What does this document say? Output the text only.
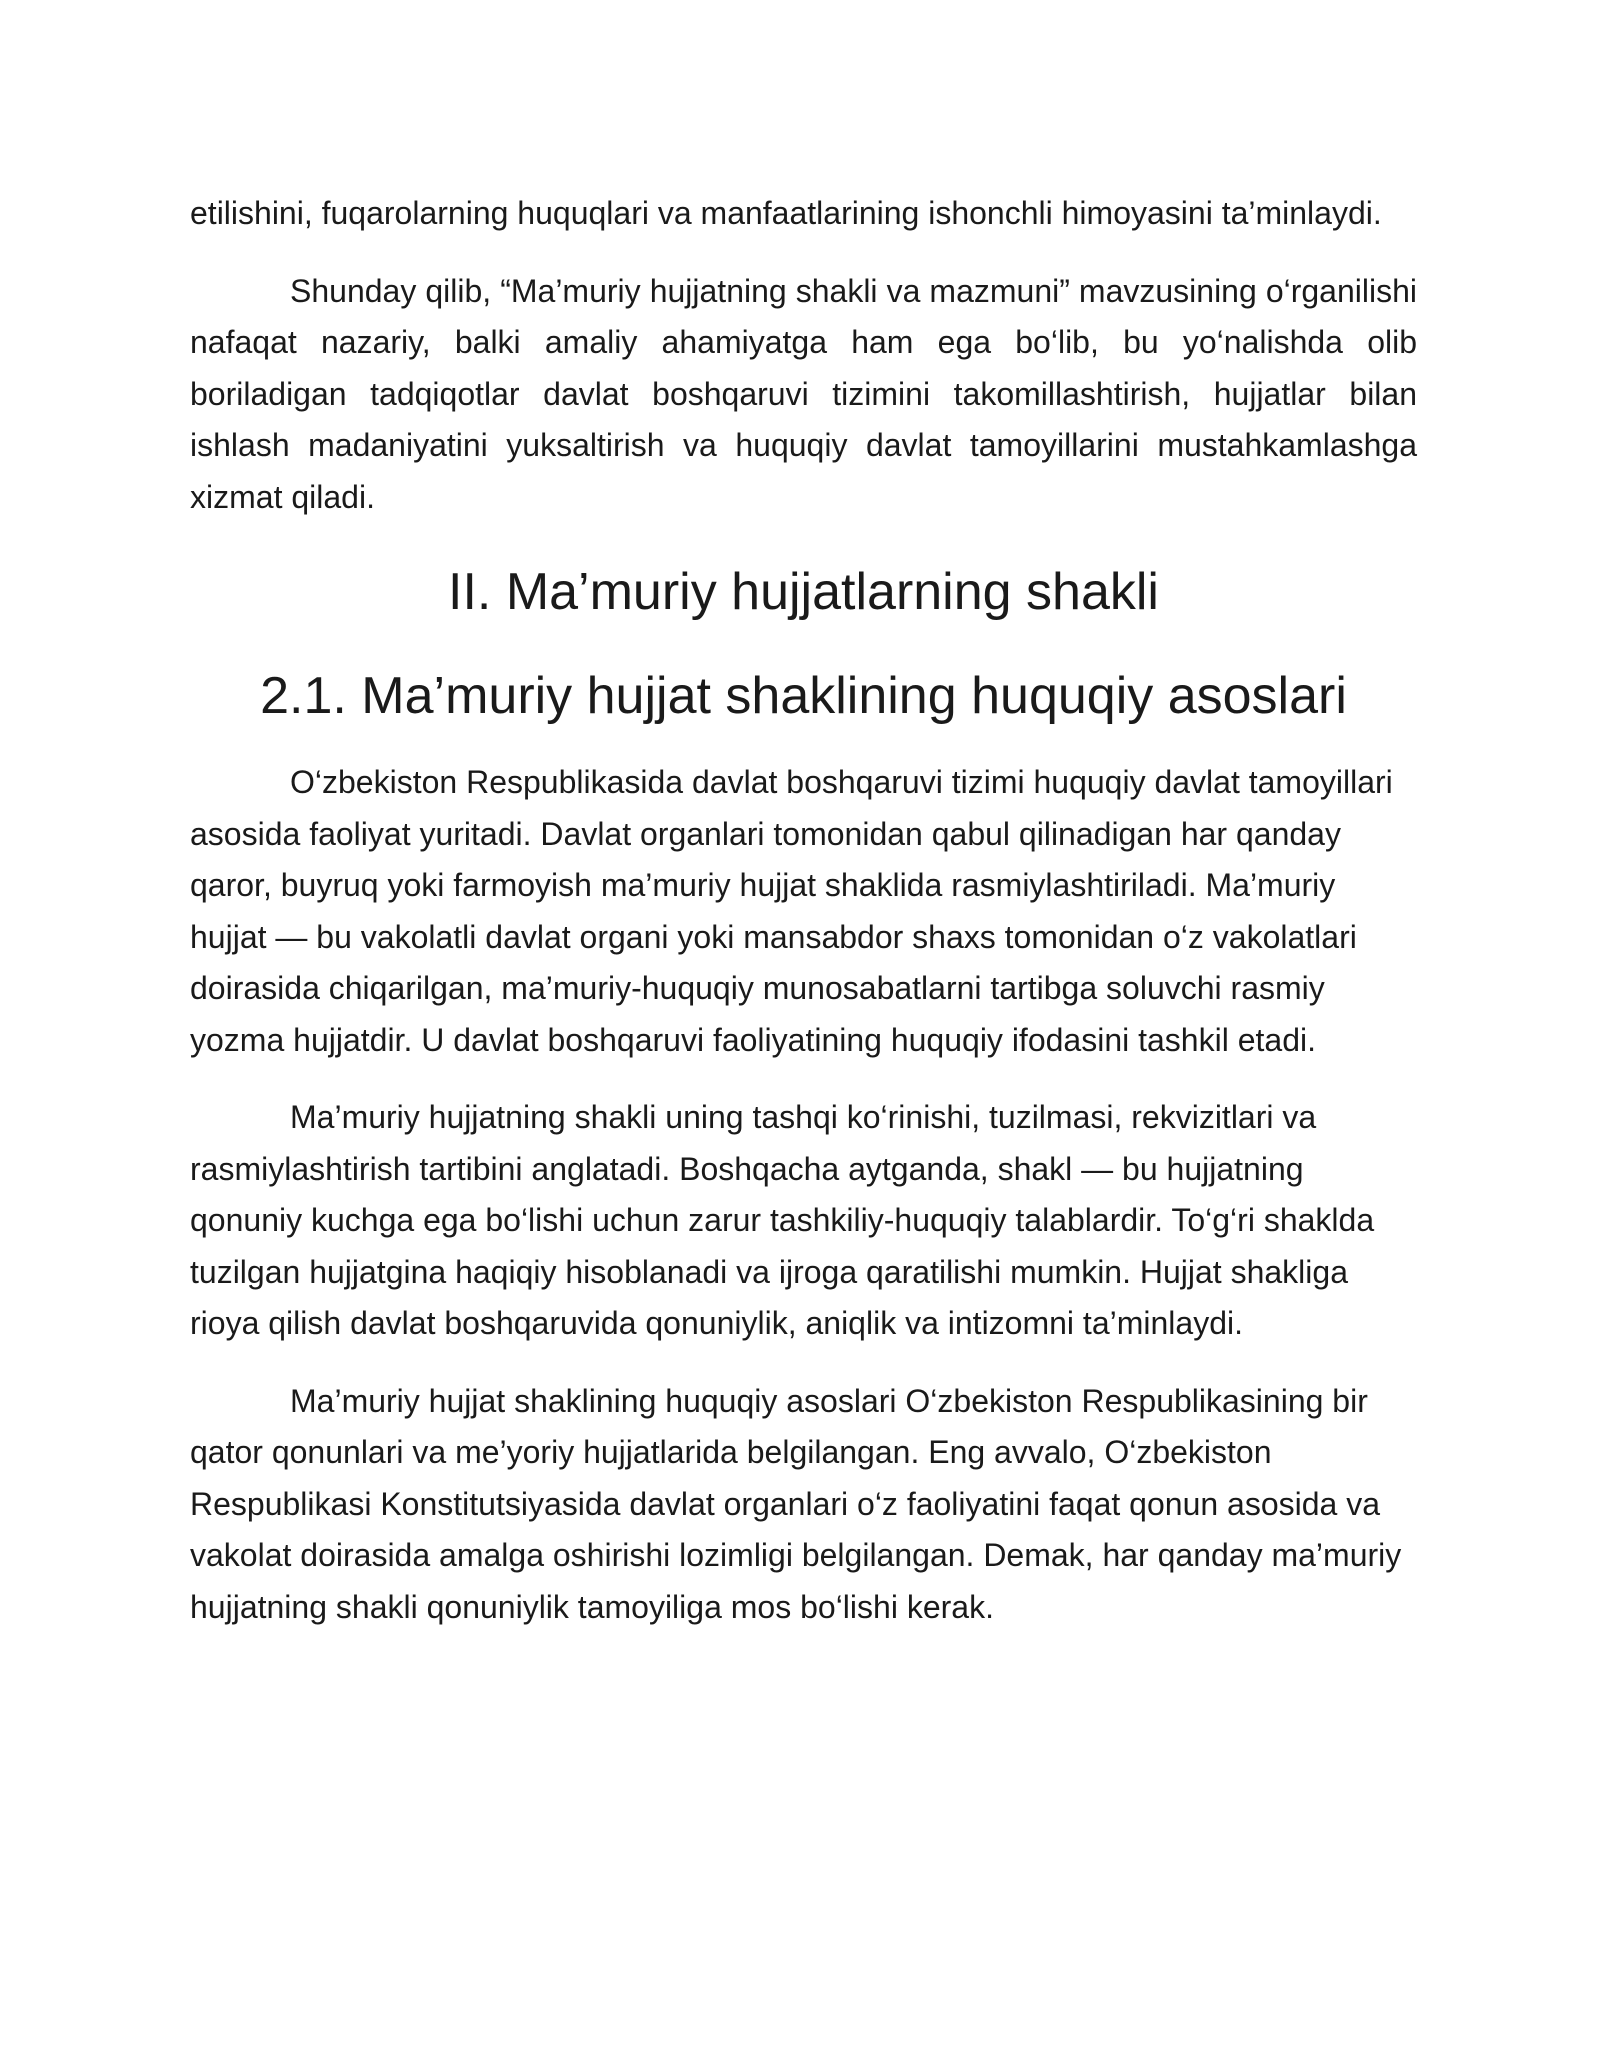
etilishini, fuqarolarning huquqlari va manfaatlarining ishonchli himoyasini ta’minlaydi.

Shunday qilib, “Ma’muriy hujjatning shakli va mazmuni” mavzusining o‘rganilishi nafaqat nazariy, balki amaliy ahamiyatga ham ega bo‘lib, bu yo‘nalishda olib boriladigan tadqiqotlar davlat boshqaruvi tizimini takomillashtirish, hujjatlar bilan ishlash madaniyatini yuksaltirish va huquqiy davlat tamoyillarini mustahkamlashga xizmat qiladi.

II. Ma’muriy hujjatlarning shakli
2.1. Ma’muriy hujjat shaklining huquqiy asoslari

O‘zbekiston Respublikasida davlat boshqaruvi tizimi huquqiy davlat tamoyillari asosida faoliyat yuritadi. Davlat organlari tomonidan qabul qilinadigan har qanday qaror, buyruq yoki farmoyish ma’muriy hujjat shaklida rasmiylashtiriladi. Ma’muriy hujjat — bu vakolatli davlat organi yoki mansabdor shaxs tomonidan o‘z vakolatlari doirasida chiqarilgan, ma’muriy-huquqiy munosabatlarni tartibga soluvchi rasmiy yozma hujjatdir. U davlat boshqaruvi faoliyatining huquqiy ifodasini tashkil etadi.

Ma’muriy hujjatning shakli uning tashqi ko‘rinishi, tuzilmasi, rekvizitlari va rasmiylashtirish tartibini anglatadi. Boshqacha aytganda, shakl — bu hujjatning qonuniy kuchga ega bo‘lishi uchun zarur tashkiliy-huquqiy talablardir. To‘g‘ri shaklda tuzilgan hujjatgina haqiqiy hisoblanadi va ijroga qaratilishi mumkin. Hujjat shakliga rioya qilish davlat boshqaruvida qonuniylik, aniqlik va intizomni ta’minlaydi.

Ma’muriy hujjat shaklining huquqiy asoslari O‘zbekiston Respublikasining bir qator qonunlari va me’yoriy hujjatlarida belgilangan. Eng avvalo, O‘zbekiston Respublikasi Konstitutsiyasida davlat organlari o‘z faoliyatini faqat qonun asosida va vakolat doirasida amalga oshirishi lozimligi belgilangan. Demak, har qanday ma’muriy hujjatning shakli qonuniylik tamoyiliga mos bo‘lishi kerak.
